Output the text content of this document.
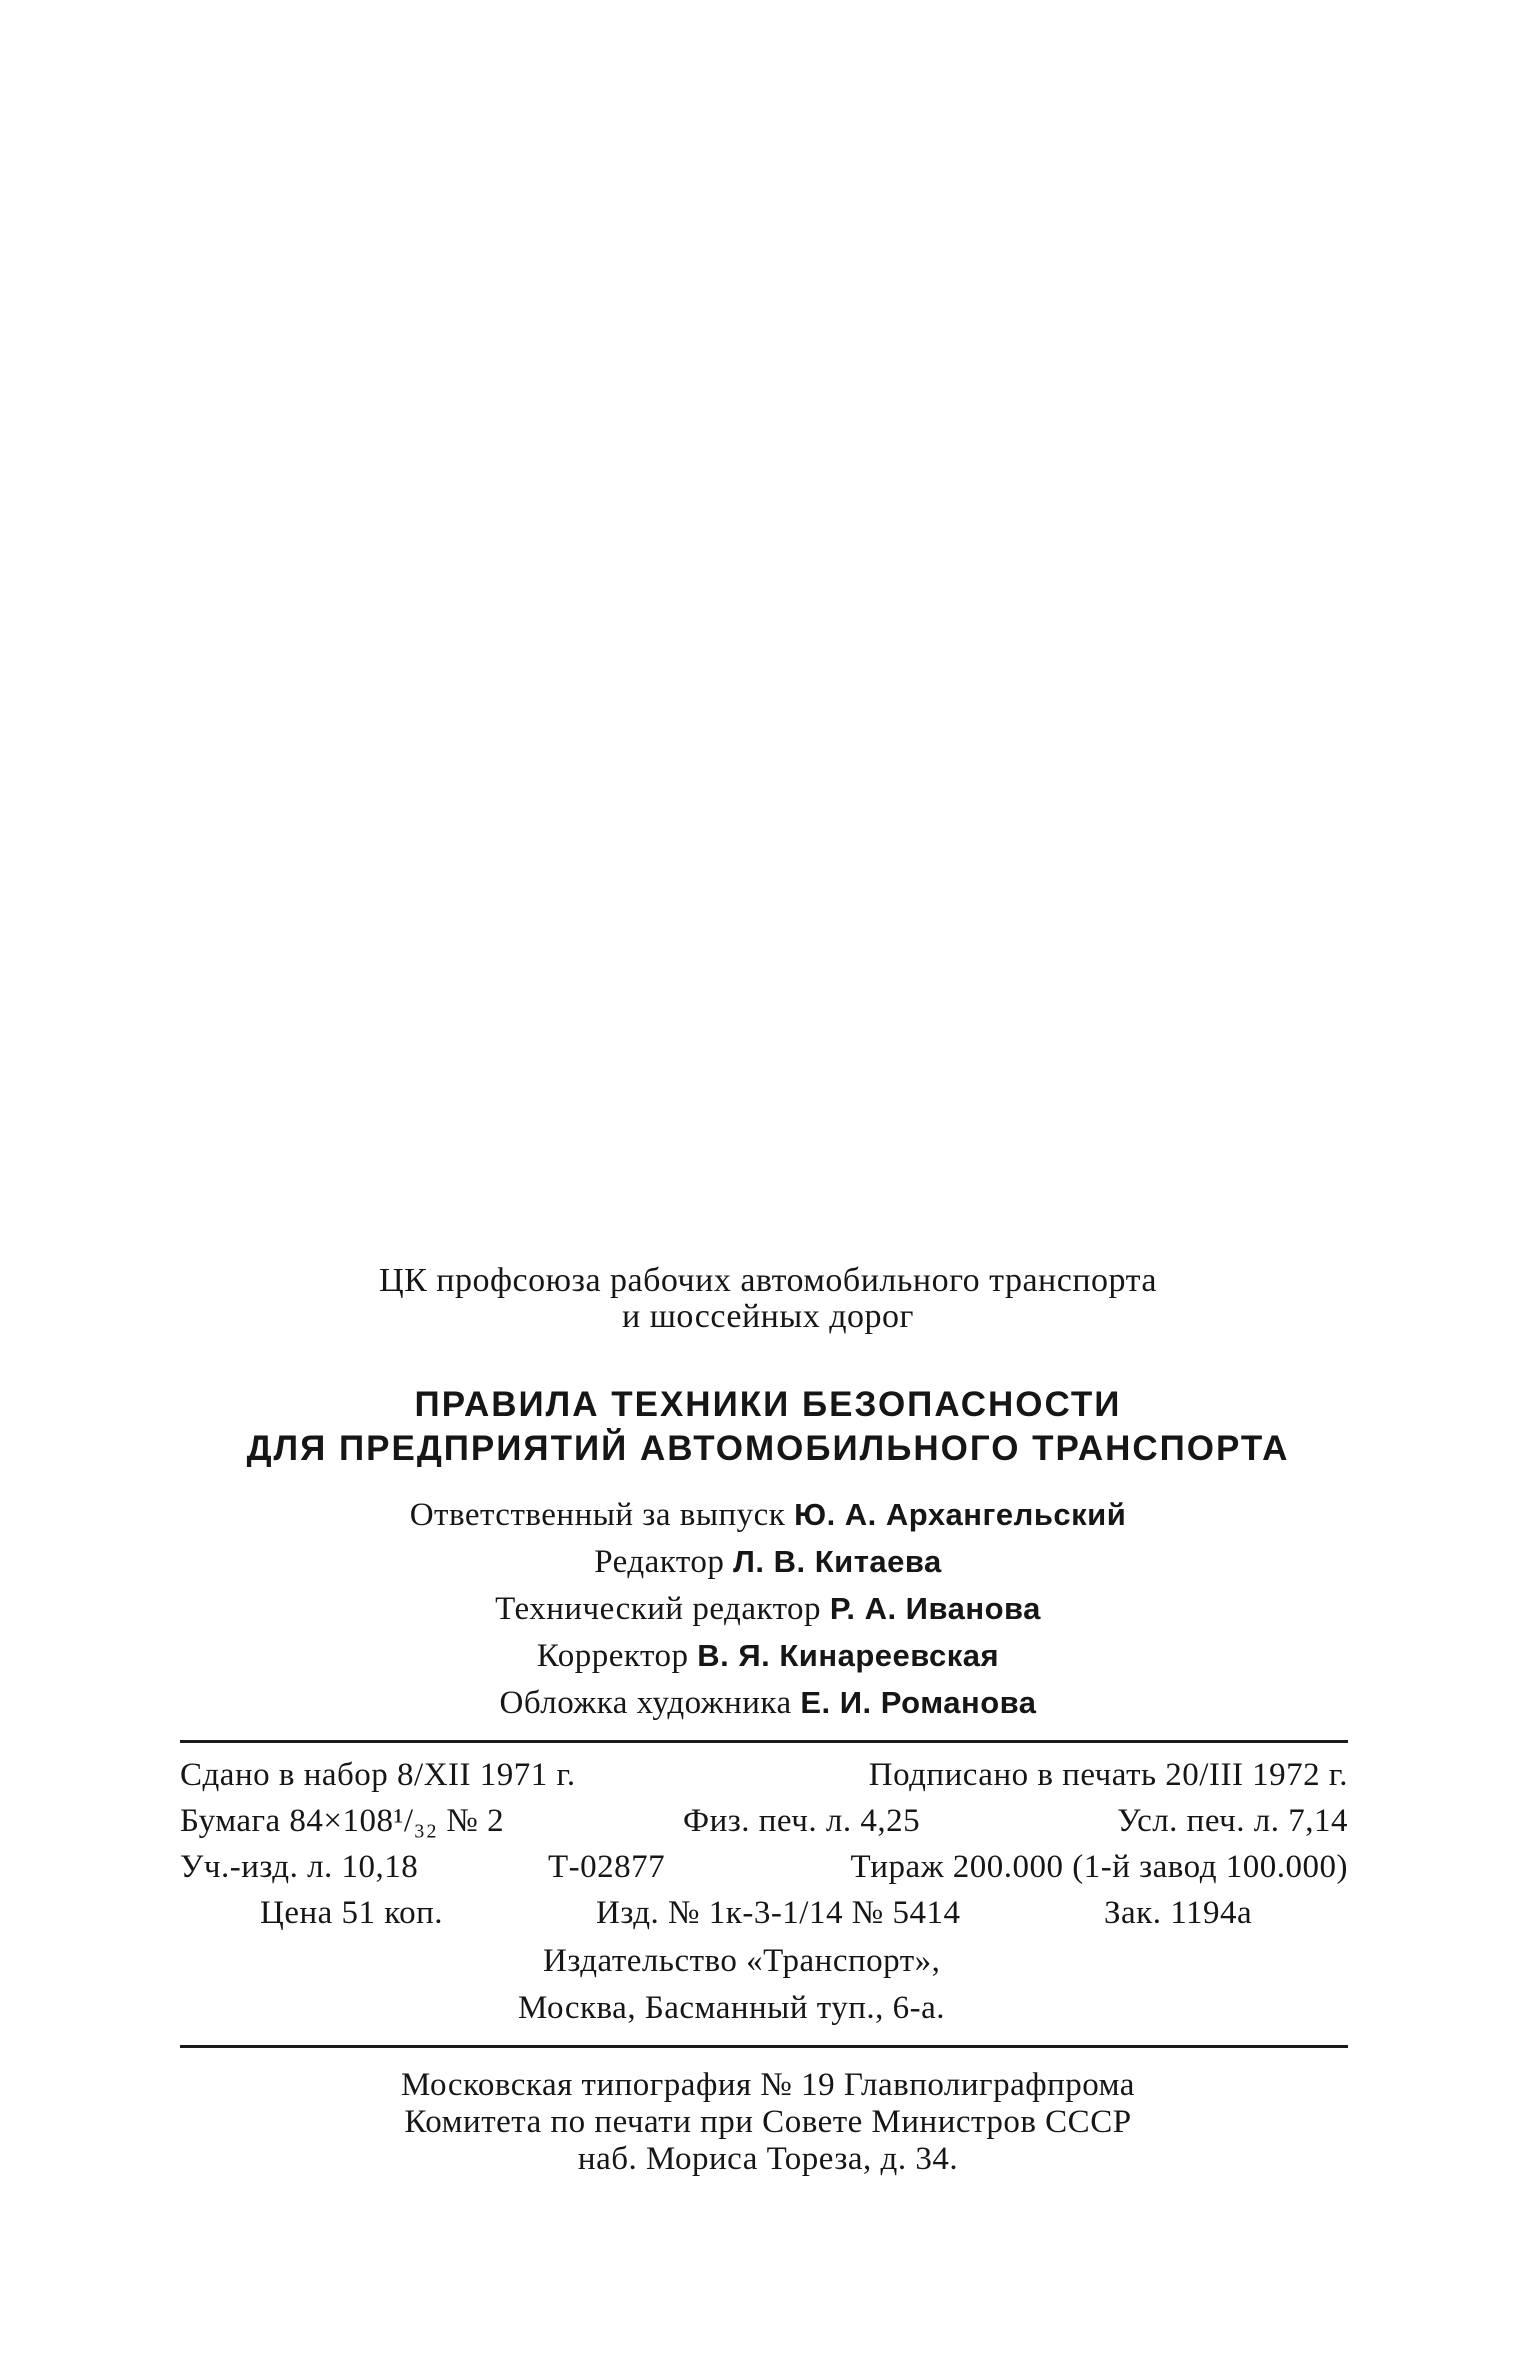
ЦК профсоюза рабочих автомобильного транспорта
и шоссейных дорог
ПРАВИЛА ТЕХНИКИ БЕЗОПАСНОСТИ
ДЛЯ ПРЕДПРИЯТИЙ АВТОМОБИЛЬНОГО ТРАНСПОРТА
Ответственный за выпуск Ю. А. Архангельский
Редактор Л. В. Китаева
Технический редактор Р. А. Иванова
Корректор В. Я. Кинареевская
Обложка художника Е. И. Романова
Сдано в набор 8/XII 1971 г.	Подписано в печать 20/III 1972 г.
Бумага 84×108¹/₃₂ № 2	Физ. печ. л. 4,25	Усл. печ. л. 7,14
Уч.-изд. л. 10,18	Т-02877	Тираж 200.000 (1-й завод 100.000)
Цена 51 коп.	Изд. № 1к-3-1/14 № 5414	Зак. 1194а
Издательство «Транспорт»,
Москва, Басманный туп., 6-а.
Московская типография № 19 Главполиграфпрома
Комитета по печати при Совете Министров СССР
наб. Мориса Тореза, д. 34.
